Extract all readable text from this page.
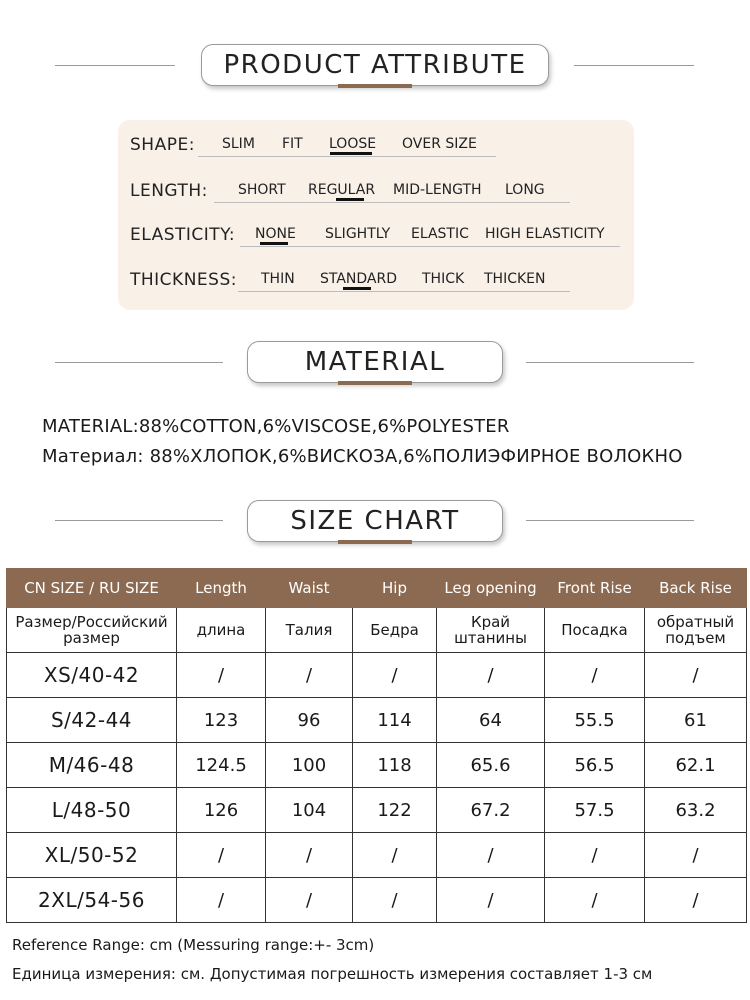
PRODUCT ATTRIBUTE
SHAPE: SLIM FIT LOOSE OVER SIZE
LENGTH: SHORT REGULAR MID-LENGTH LONG
ELASTICITY: NONE SLIGHTLY ELASTIC HIGH ELASTICITY
THICKNESS: THIN STANDARD THICK THICKEN
MATERIAL
MATERIAL:88%COTTON,6%VISCOSE,6%POLYESTER
Материал: 88%ХЛОПОК,6%ВИСКОЗА,6%ПОЛИЭФИРНОЕ ВОЛОКНО
SIZE CHART
CN SIZE / RU SIZE	Length	Waist	Hip	Leg opening	Front Rise	Back Rise
Размер/Российский размер	длина	Талия	Бедра	Край штанины	Посадка	обратный подъем
XS/40-42	/	/	/	/	/	/
S/42-44	123	96	114	64	55.5	61
M/46-48	124.5	100	118	65.6	56.5	62.1
L/48-50	126	104	122	67.2	57.5	63.2
XL/50-52	/	/	/	/	/	/
2XL/54-56	/	/	/	/	/	/
Reference Range: cm (Messuring range:+- 3cm)
Единица измерения: см. Допустимая погрешность измерения составляет 1-3 см
